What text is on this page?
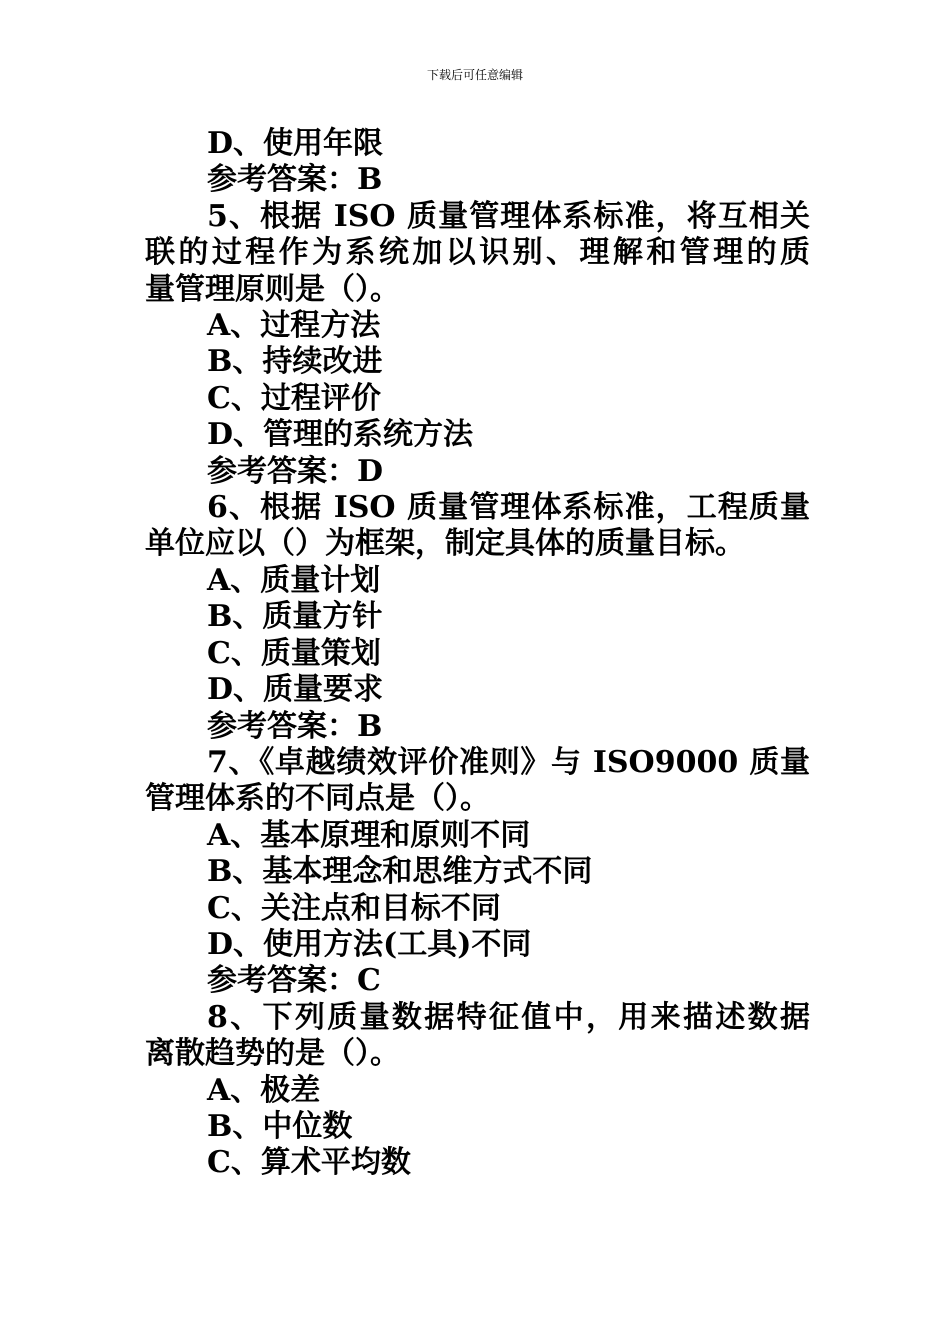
下载后可任意编辑
D、使用年限
参考答案：B
5、根据 ISO 质量管理体系标准，将互相关
联的过程作为系统加以识别、理解和管理的质
量管理原则是（）。
A、过程方法
B、持续改进
C、过程评价
D、管理的系统方法
参考答案：D
6、根据 ISO 质量管理体系标准，工程质量
单位应以（）为框架，制定具体的质量目标。
A、质量计划
B、质量方针
C、质量策划
D、质量要求
参考答案：B
7、《卓越绩效评价准则》与 ISO9000 质量
管理体系的不同点是（）。
A、基本原理和原则不同
B、基本理念和思维方式不同
C、关注点和目标不同
D、使用方法(工具)不同
参考答案：C
8、下列质量数据特征值中，用来描述数据
离散趋势的是（）。
A、极差
B、中位数
C、算术平均数
